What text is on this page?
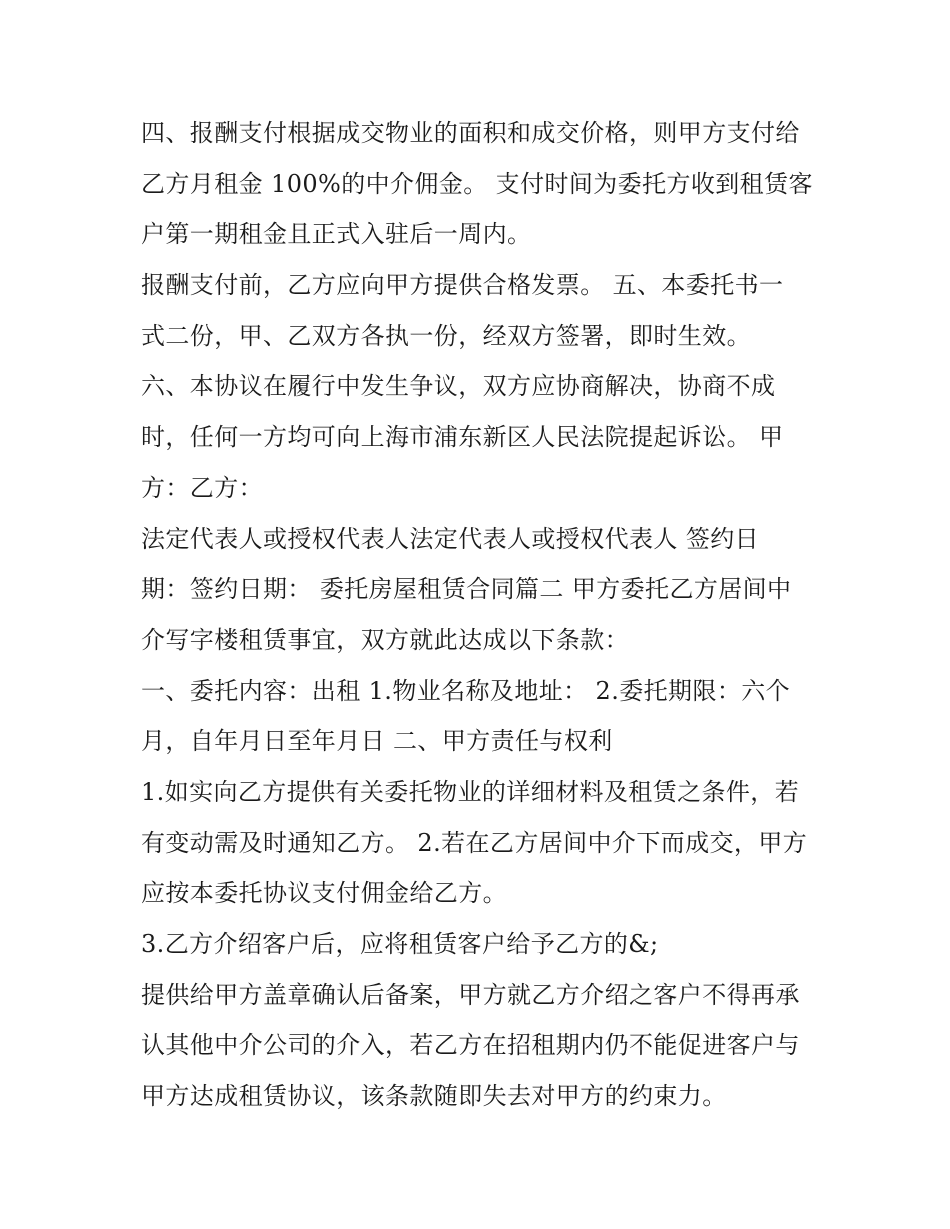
四、报酬支付根据成交物业的面积和成交价格，则甲方支付给
乙方月租金 100%的中介佣金。 支付时间为委托方收到租赁客
户第一期租金且正式入驻后一周内。
报酬支付前，乙方应向甲方提供合格发票。 五、本委托书一
式二份，甲、乙双方各执一份，经双方签署，即时生效。
六、本协议在履行中发生争议，双方应协商解决，协商不成
时，任何一方均可向上海市浦东新区人民法院提起诉讼。 甲
方：乙方：
法定代表人或授权代表人法定代表人或授权代表人 签约日
期：签约日期： 委托房屋租赁合同篇二 甲方委托乙方居间中
介写字楼租赁事宜，双方就此达成以下条款：
一、委托内容：出租 1.物业名称及地址： 2.委托期限：六个
月，自年月日至年月日 二、甲方责任与权利
1.如实向乙方提供有关委托物业的详细材料及租赁之条件，若
有变动需及时通知乙方。 2.若在乙方居间中介下而成交，甲方
应按本委托协议支付佣金给乙方。
3.乙方介绍客户后，应将租赁客户给予乙方的&;
提供给甲方盖章确认后备案，甲方就乙方介绍之客户不得再承
认其他中介公司的介入，若乙方在招租期内仍不能促进客户与
甲方达成租赁协议，该条款随即失去对甲方的约束力。
